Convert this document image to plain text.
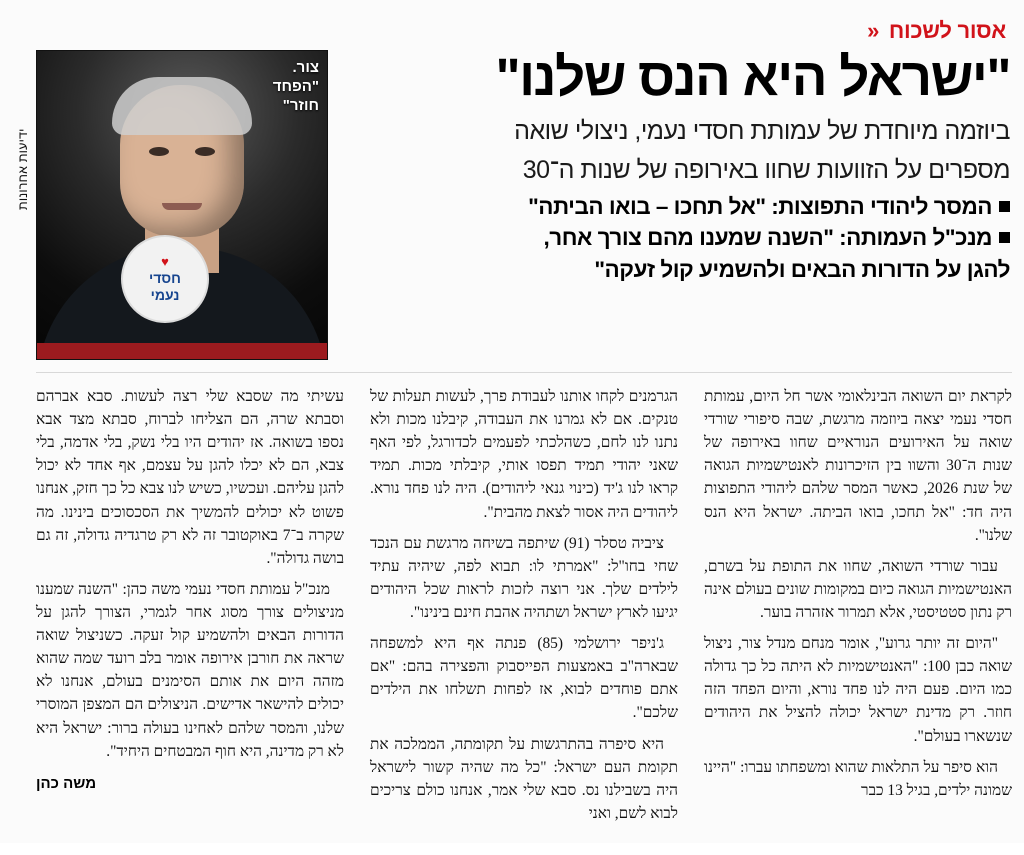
ידיעות אחרונות
אסור לשכוח «
"ישראל היא הנס שלנו"
ביוזמה מיוחדת של עמותת חסדי נעמי, ניצולי שואה
מספרים על הזוועות שחוו באירופה של שנות ה־30
המסר ליהודי התפוצות: "אל תחכו – בואו הביתה"
מנכ"ל העמותה: "השנה שמענו מהם צורך אחר,
להגן על הדורות הבאים ולהשמיע קול זעקה"
♥
חסדי
נעמי
צור.
"הפחד
חוזר"

לקראת יום השואה הבינלאומי אשר חל היום, עמותת חסדי נעמי יצאה ביוזמה מרגשת, שבה סיפורי שורדי שואה על האירועים הנוראיים שחוו באירופה של שנות ה־30 והשוו בין הזיכרונות לאנטישמיות הגואה של שנת 2026, כאשר המסר שלהם ליהודי התפוצות היה חד: "אל תחכו, בואו הביתה. ישראל היא הנס שלנו".

עבור שורדי השואה, שחוו את התופת על בשרם, האנטישמיות הגואה כיום במקומות שונים בעולם אינה רק נתון סטטיסטי, אלא תמרור אזהרה בוער.

"היום זה יותר גרוע", אומר מנחם מנדל צור, ניצול שואה כבן 100: "האנטישמיות לא היתה כל כך גדולה כמו היום. פעם היה לנו פחד נורא, והיום הפחד הזה חוזר. רק מדינת ישראל יכולה להציל את היהודים שנשארו בעולם".

הוא סיפר על התלאות שהוא ומשפחתו עברו: "היינו שמונה ילדים, בגיל 13 כבר

הגרמנים לקחו אותנו לעבודת פרך, לעשות תעלות של טנקים. אם לא גמרנו את העבודה, קיבלנו מכות ולא נתנו לנו לחם, כשהלכתי לפעמים לכדורגל, לפי האף שאני יהודי תמיד תפסו אותי, קיבלתי מכות. תמיד קראו לנו ג'יד (כינוי גנאי ליהודים). היה לנו פחד נורא. ליהודים היה אסור לצאת מהבית".

ציביה טסלר (91) שיתפה בשיחה מרגשת עם הנכד שחי בחו"ל: "אמרתי לו: תבוא לפה, שיהיה עתיד לילדים שלך. אני רוצה לזכות לראות שכל היהודים יגיעו לארץ ישראל ושתהיה אהבת חינם בינינו".

ג'ניפר ירושלמי (85) פנתה אף היא למשפחה שבארה"ב באמצעות הפייסבוק והפצירה בהם: "אם אתם פוחדים לבוא, אז לפחות תשלחו את הילדים שלכם".

היא סיפרה בהתרגשות על תקומתה, הממלכה את תקומת העם ישראל: "כל מה שהיה קשור לישראל היה בשבילנו נס. סבא שלי אמר, אנחנו כולם צריכים לבוא לשם, ואני

עשיתי מה שסבא שלי רצה לעשות. סבא אברהם וסבתא שרה, הם הצליחו לברוח, סבתא מצד אבא נספו בשואה. אז יהודים היו בלי נשק, בלי אדמה, בלי צבא, הם לא יכלו להגן על עצמם, אף אחד לא יכול להגן עליהם. ועכשיו, כשיש לנו צבא כל כך חזק, אנחנו פשוט לא יכולים להמשיך את הסכסוכים בינינו. מה שקרה ב־7 באוקטובר זה לא רק טרגדיה גדולה, זה גם בושה גדולה".

מנכ"ל עמותת חסדי נעמי משה כהן: "השנה שמענו מניצולים צורך מסוג אחר לגמרי, הצורך להגן על הדורות הבאים ולהשמיע קול זעקה. כשניצול שואה שראה את חורבן אירופה אומר בלב רועד שמה שהוא מזהה היום את אותם הסימנים בעולם, אנחנו לא יכולים להישאר אדישים. הניצולים הם המצפן המוסרי שלנו, והמסר שלהם לאחינו בעולה ברור: ישראל היא לא רק מדינה, היא חוף המבטחים היחיד".

משה כהן
